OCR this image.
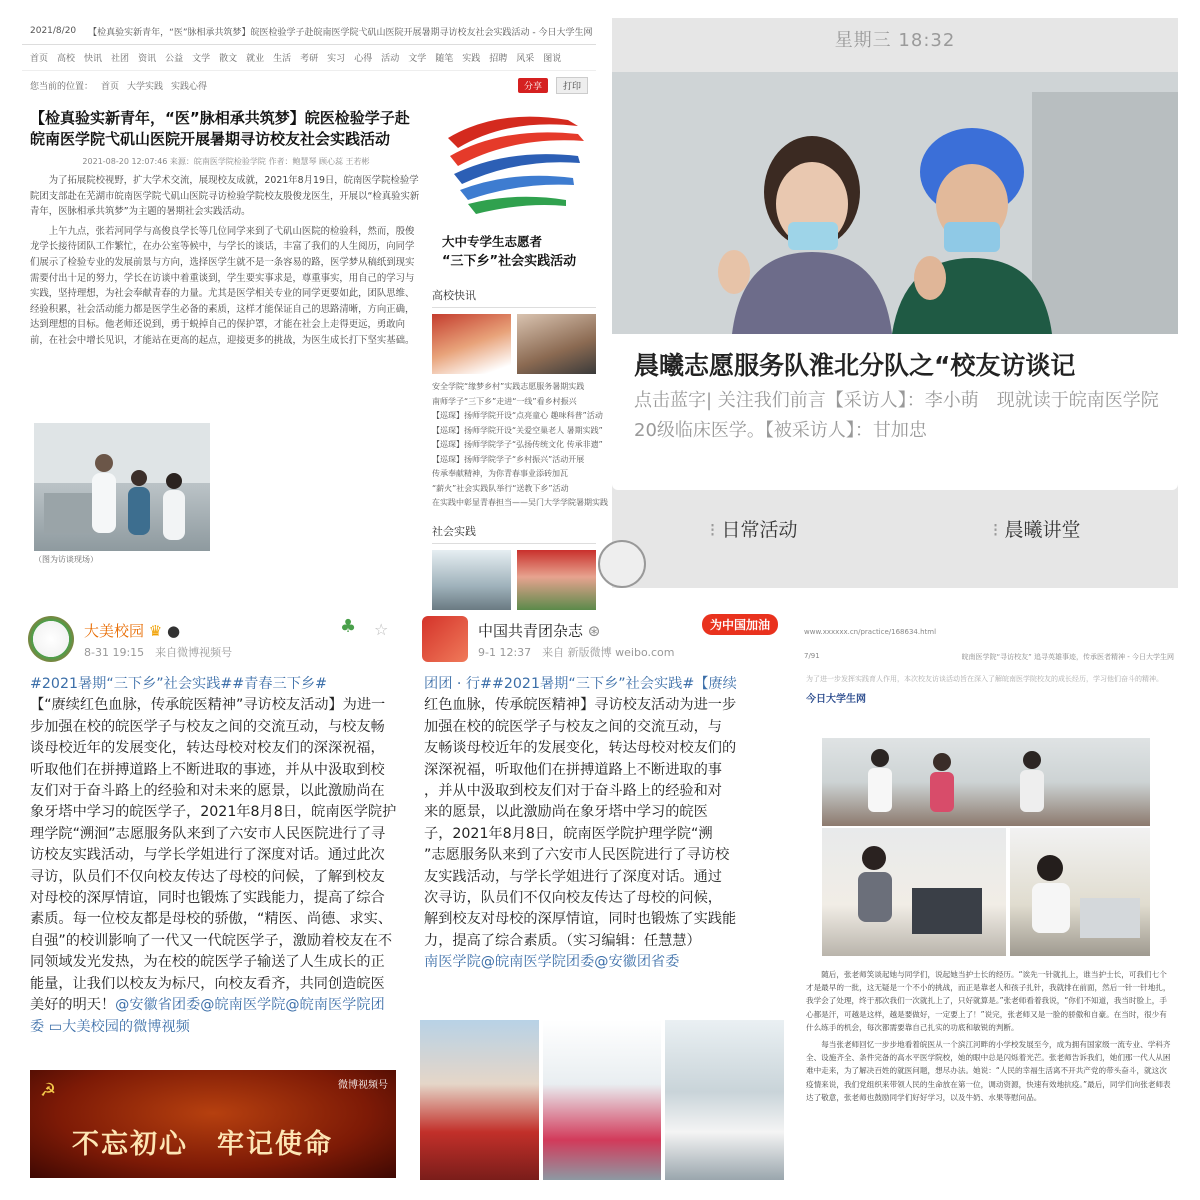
2021/8/20 【检真验实新青年，“医”脉相承共筑梦】皖医检验学子赴皖南医学院弋矶山医院开展暑期寻访校友社会实践活动 - 今日大学生网
首页 高校 快讯 社团 资讯 公益 文学 散文 就业 生活 考研 实习 心得 活动 文学 随笔 实践 招聘 风采 图说
您当前的位置： 首页 大学实践 实践心得	分享	打印
【检真验实新青年，“医”脉相承共筑梦】皖医检验学子赴皖南医学院弋矶山医院开展暑期寻访校友社会实践活动
2021-08-20 12:07:46 来源：皖南医学院检验学院 作者：鲍慧琴 顾心蕊 王若彬

为了拓展院校视野，扩大学术交流，展现校友成就，2021年8月19日，皖南医学院检验学院团支部赴在芜湖市皖南医学院弋矶山医院寻访检验学院校友殷俊龙医生，开展以“检真验实新青年，医脉相承共筑梦”为主题的暑期社会实践活动。

上午九点，张若河同学与高俊良学长等几位同学来到了弋矶山医院的检验科，然而，殷俊龙学长接待团队工作繁忙，在办公室等候中，与学长的谈话，丰富了我们的人生阅历，向同学们展示了检验专业的发展前景与方向，选择医学生就不是一条容易的路，医学梦从稿纸到现实需要付出十足的努力，学长在访谈中着重谈到，学生要实事求是，尊重事实，用自己的学习与实践，坚持理想，为社会奉献青春的力量。尤其是医学相关专业的同学更要如此，团队思维、经验积累，社会活动能力都是医学生必备的素质，这样才能保证自己的思路清晰，方向正确，达到理想的目标。他老师还说到，勇于蜕掉自己的保护罩，才能在社会上走得更远，勇敢向前，在社会中增长见识，才能站在更高的起点，迎接更多的挑战，为医生成长打下坚实基础。

（图为访谈现场）
大中专学生志愿者
“三下乡”社会实践活动
高校快讯
安全学院“缘梦乡村”实践志愿服务暑期实践
南师学子“三下乡”走进“一线”看乡村振兴
【巡琛】扬师学院开设“点亮童心 趣味科普”活动
【巡琛】扬师学院开设“关爱空巢老人 暑期实践”
【巡琛】扬师学院学子“弘扬传统文化 传承非遗”
【巡琛】扬师学院学子“乡村振兴”活动开展
传承奉献精神，为你青春事业添砖加瓦
“薪火”社会实践队举行“送教下乡”活动
在实践中彰显青春担当——吴门大学学院暑期实践
社会实践
星期三 18:32
晨曦志愿服务队淮北分队之“校友访谈记
点击蓝字| 关注我们前言【采访人】：李小萌　现就读于皖南医学院20级临床医学。【被采访人】：甘加忠
⁝ 日常活动	⁝ 晨曦讲堂
大美校园 ♛ ●
8-31 19:15　来自微博视频号
♣ ☆
#2021暑期“三下乡”社会实践##青春三下乡#
【“赓续红色血脉，传承皖医精神”寻访校友活动】为进一步加强在校的皖医学子与校友之间的交流互动，与校友畅谈母校近年的发展变化，转达母校对校友们的深深祝福，听取他们在拼搏道路上不断进取的事迹，并从中汲取到校友们对于奋斗路上的经验和对未来的愿景，以此激励尚在象牙塔中学习的皖医学子，2021年8月8日，皖南医学院护理学院“溯洄”志愿服务队来到了六安市人民医院进行了寻访校友实践活动，与学长学姐进行了深度对话。通过此次寻访，队员们不仅向校友传达了母校的问候，了解到校友对母校的深厚情谊，同时也锻炼了实践能力，提高了综合素质。每一位校友都是母校的骄傲，“精医、尚德、求实、自强”的校训影响了一代又一代皖医学子，激励着校友在不同领域发光发热，为在校的皖医学子输送了人生成长的正能量，让我们以校友为标尺，向校友看齐，共同创造皖医美好的明天！@安徽省团委@皖南医学院@皖南医学院团委 ▭大美校园的微博视频
☭	微博视频号
不忘初心　牢记使命
中国共青团杂志 ⊛
9-1 12:37　来自 新版微博 weibo.com
为中国加油
团团 · 行##2021暑期“三下乡”社会实践#【赓续
红色血脉，传承皖医精神】寻访校友活动为进一步
加强在校的皖医学子与校友之间的交流互动，与
友畅谈母校近年的发展变化，转达母校对校友们的
深深祝福，听取他们在拼搏道路上不断进取的事
，并从中汲取到校友们对于奋斗路上的经验和对
来的愿景，以此激励尚在象牙塔中学习的皖医
子，2021年8月8日，皖南医学院护理学院“溯
”志愿服务队来到了六安市人民医院进行了寻访校
友实践活动，与学长学姐进行了深度对话。通过
次寻访，队员们不仅向校友传达了母校的问候，
解到校友对母校的深厚情谊，同时也锻炼了实践能
力，提高了综合素质。（实习编辑：任慧慧）
南医学院@皖南医学院团委@安徽团省委
www.xxxxxx.cn/practice/168634.html
7/91	皖南医学院“寻访校友” 追寻英雄事迹，传承医者精神 - 今日大学生网
为了进一步发挥实践育人作用，本次校友访谈活动旨在深入了解皖南医学院校友的成长经历，学习他们奋斗的精神。
今日大学生网

随后，张老师笑谈起她与同学们，说起她当护士长的经历。“诶先一针就扎上，谁当护士长，可我们七个才是最早的一批，这无疑是一个不小的挑战，而正是靠老人和孩子扎针，我就排在前面，然后一针一针地扎，我学会了处理，终于那次我们一次就扎上了，只好就算是。”张老师看着我说，“你们不知道，我当时脸上，手心都是汗，可越是这样，越是要做好，一定要上了！”说完，张老师又是一脸的骄傲和自豪。在当时，很少有什么练手的机会，每次都需要靠自己扎实的功底和敏锐的判断。

每当张老师回忆一步步地看着皖医从一个滨江河畔的小学校发展至今，成为拥有国家级一流专业、学科齐全、设施齐全、条件完备的高水平医学院校，她的眼中总是闪烁着光芒。张老师告诉我们，她们那一代人从困难中走来，为了解决百姓的就医问题，想尽办法。她说：“人民的幸福生活离不开共产党的带头奋斗，就这次疫情来说，我们党组织来带领人民的生命放在第一位，调动资源，快速有效地抗疫。”最后，同学们向张老师表达了敬意，张老师也鼓励同学们好好学习，以及牛奶、水果等慰问品。
